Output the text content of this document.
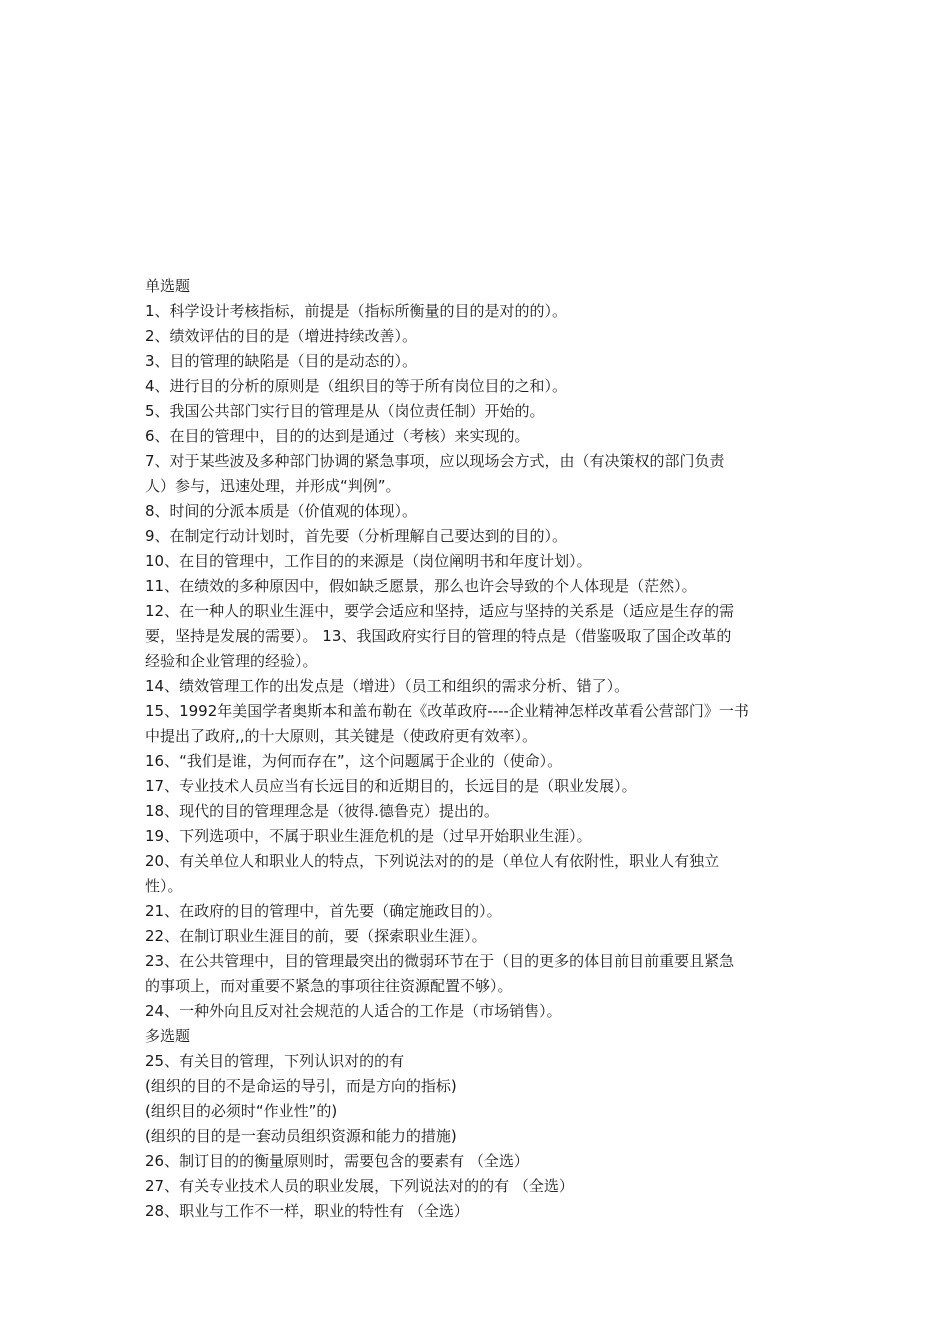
单选题
1、科学设计考核指标，前提是（指标所衡量的目的是对的的）。
2、绩效评估的目的是（增进持续改善）。
3、目的管理的缺陷是（目的是动态的）。
4、进行目的分析的原则是（组织目的等于所有岗位目的之和）。
5、我国公共部门实行目的管理是从（岗位责任制）开始的。
6、在目的管理中，目的的达到是通过（考核）来实现的。
7、对于某些波及多种部门协调的紧急事项，应以现场会方式，由（有决策权的部门负责
人）参与，迅速处理，并形成“判例”。
8、时间的分派本质是（价值观的体现）。
9、在制定行动计划时，首先要（分析理解自己要达到的目的）。
10、在目的管理中，工作目的的来源是（岗位阐明书和年度计划）。
11、在绩效的多种原因中，假如缺乏愿景，那么也许会导致的个人体现是（茫然）。
12、在一种人的职业生涯中，要学会适应和坚持，适应与坚持的关系是（适应是生存的需
要，坚持是发展的需要）。 13、我国政府实行目的管理的特点是（借鉴吸取了国企改革的
经验和企业管理的经验）。
14、绩效管理工作的出发点是（增进）（员工和组织的需求分析、错了）。
15、1992年美国学者奥斯本和盖布勒在《改革政府----企业精神怎样改革看公营部门》一书
中提出了政府,,的十大原则，其关键是（使政府更有效率）。
16、“我们是谁，为何而存在”，这个问题属于企业的（使命）。
17、专业技术人员应当有长远目的和近期目的，长远目的是（职业发展）。
18、现代的目的管理理念是（彼得.德鲁克）提出的。
19、下列选项中，不属于职业生涯危机的是（过早开始职业生涯）。
20、有关单位人和职业人的特点，下列说法对的的是（单位人有依附性，职业人有独立
性）。
21、在政府的目的管理中，首先要（确定施政目的）。
22、在制订职业生涯目的前，要（探索职业生涯）。
23、在公共管理中，目的管理最突出的微弱环节在于（目的更多的体目前目前重要且紧急
的事项上，而对重要不紧急的事项往往资源配置不够）。
24、一种外向且反对社会规范的人适合的工作是（市场销售）。
多选题
25、有关目的管理，下列认识对的的有
(组织的目的不是命运的导引，而是方向的指标)
(组织目的必须时“作业性”的)
(组织的目的是一套动员组织资源和能力的措施)
26、制订目的的衡量原则时，需要包含的要素有 （全选）
27、有关专业技术人员的职业发展，下列说法对的的有 （全选）
28、职业与工作不一样，职业的特性有 （全选）
